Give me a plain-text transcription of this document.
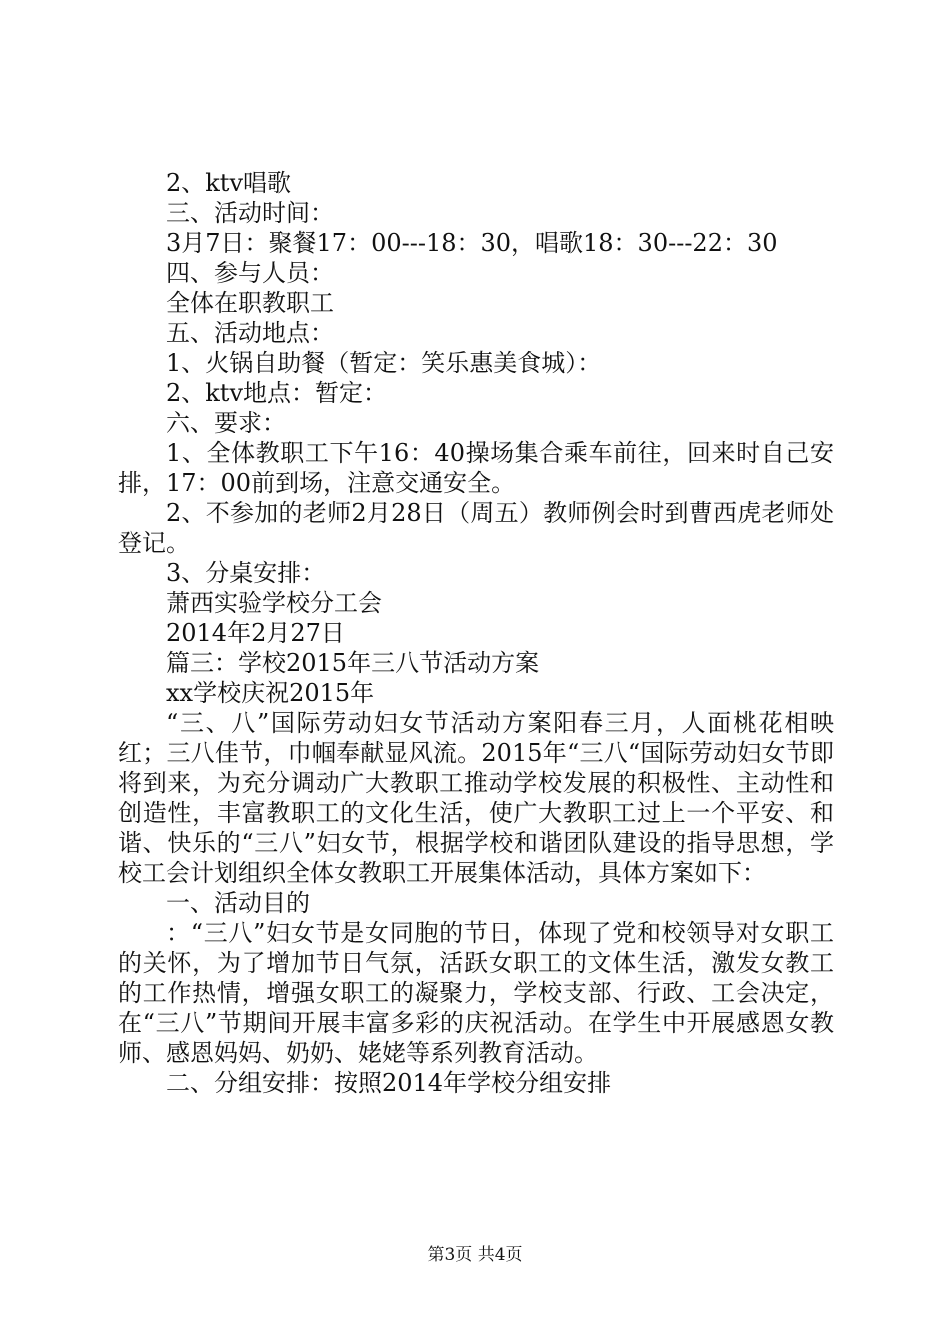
2、ktv唱歌

三、活动时间：

3月7日：聚餐17：00---18：30，唱歌18：30---22：30

四、参与人员：

全体在职教职工

五、活动地点：

1、火锅自助餐（暂定：笑乐惠美食城）：

2、ktv地点：暂定：

六、要求：

1、全体教职工下午16：40操场集合乘车前往，回来时自己安排，17：00前到场，注意交通安全。

2、不参加的老师2月28日（周五）教师例会时到曹西虎老师处登记。

3、分桌安排：

萧西实验学校分工会

2014年2月27日

篇三：学校2015年三八节活动方案

xx学校庆祝2015年

“三、八”国际劳动妇女节活动方案阳春三月，人面桃花相映红；三八佳节，巾帼奉献显风流。2015年“三八“国际劳动妇女节即将到来，为充分调动广大教职工推动学校发展的积极性、主动性和创造性，丰富教职工的文化生活，使广大教职工过上一个平安、和谐、快乐的“三八”妇女节，根据学校和谐团队建设的指导思想，学校工会计划组织全体女教职工开展集体活动，具体方案如下：

一、活动目的

：“三八”妇女节是女同胞的节日，体现了党和校领导对女职工的关怀，为了增加节日气氛，活跃女职工的文体生活，激发女教工的工作热情，增强女职工的凝聚力，学校支部、行政、工会决定，在“三八”节期间开展丰富多彩的庆祝活动。在学生中开展感恩女教师、感恩妈妈、奶奶、姥姥等系列教育活动。

二、分组安排：按照2014年学校分组安排

第3页 共4页
